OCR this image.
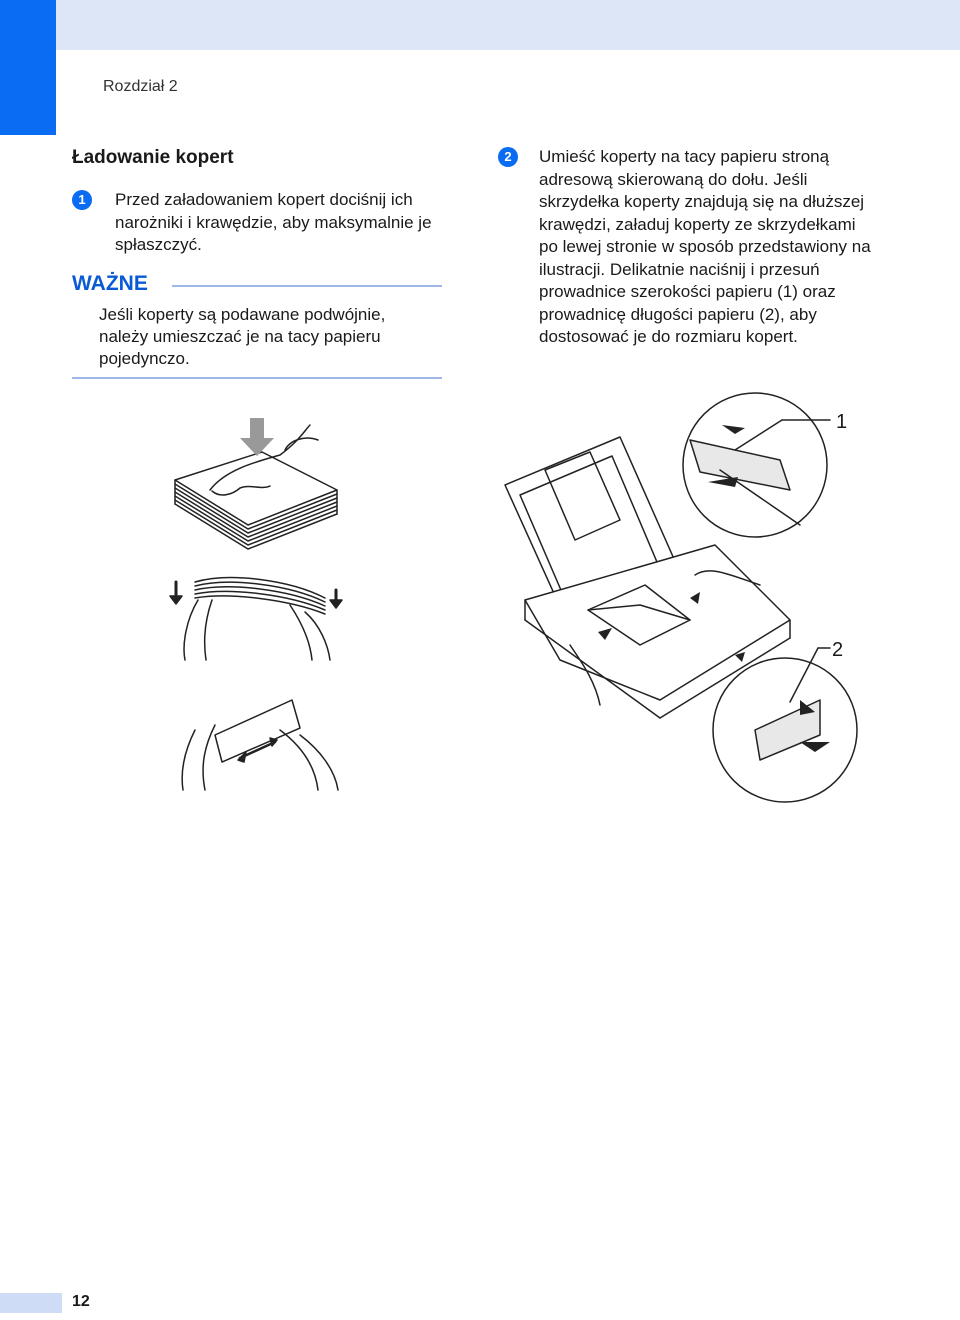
Rozdział 2
Ładowanie kopert
1	Przed załadowaniem kopert dociśnij ich narożniki i krawędzie, aby maksymalnie je spłaszczyć.
WAŻNE
Jeśli koperty są podawane podwójnie, należy umieszczać je na tacy papieru pojedynczo.
2	Umieść koperty na tacy papieru stroną adresową skierowaną do dołu. Jeśli skrzydełka koperty znajdują się na dłuższej krawędzi, załaduj koperty ze skrzydełkami po lewej stronie w sposób przedstawiony na ilustracji. Delikatnie naciśnij i przesuń prowadnice szerokości papieru (1) oraz prowadnicę długości papieru (2), aby dostosować je do rozmiaru kopert.
1
2
12
